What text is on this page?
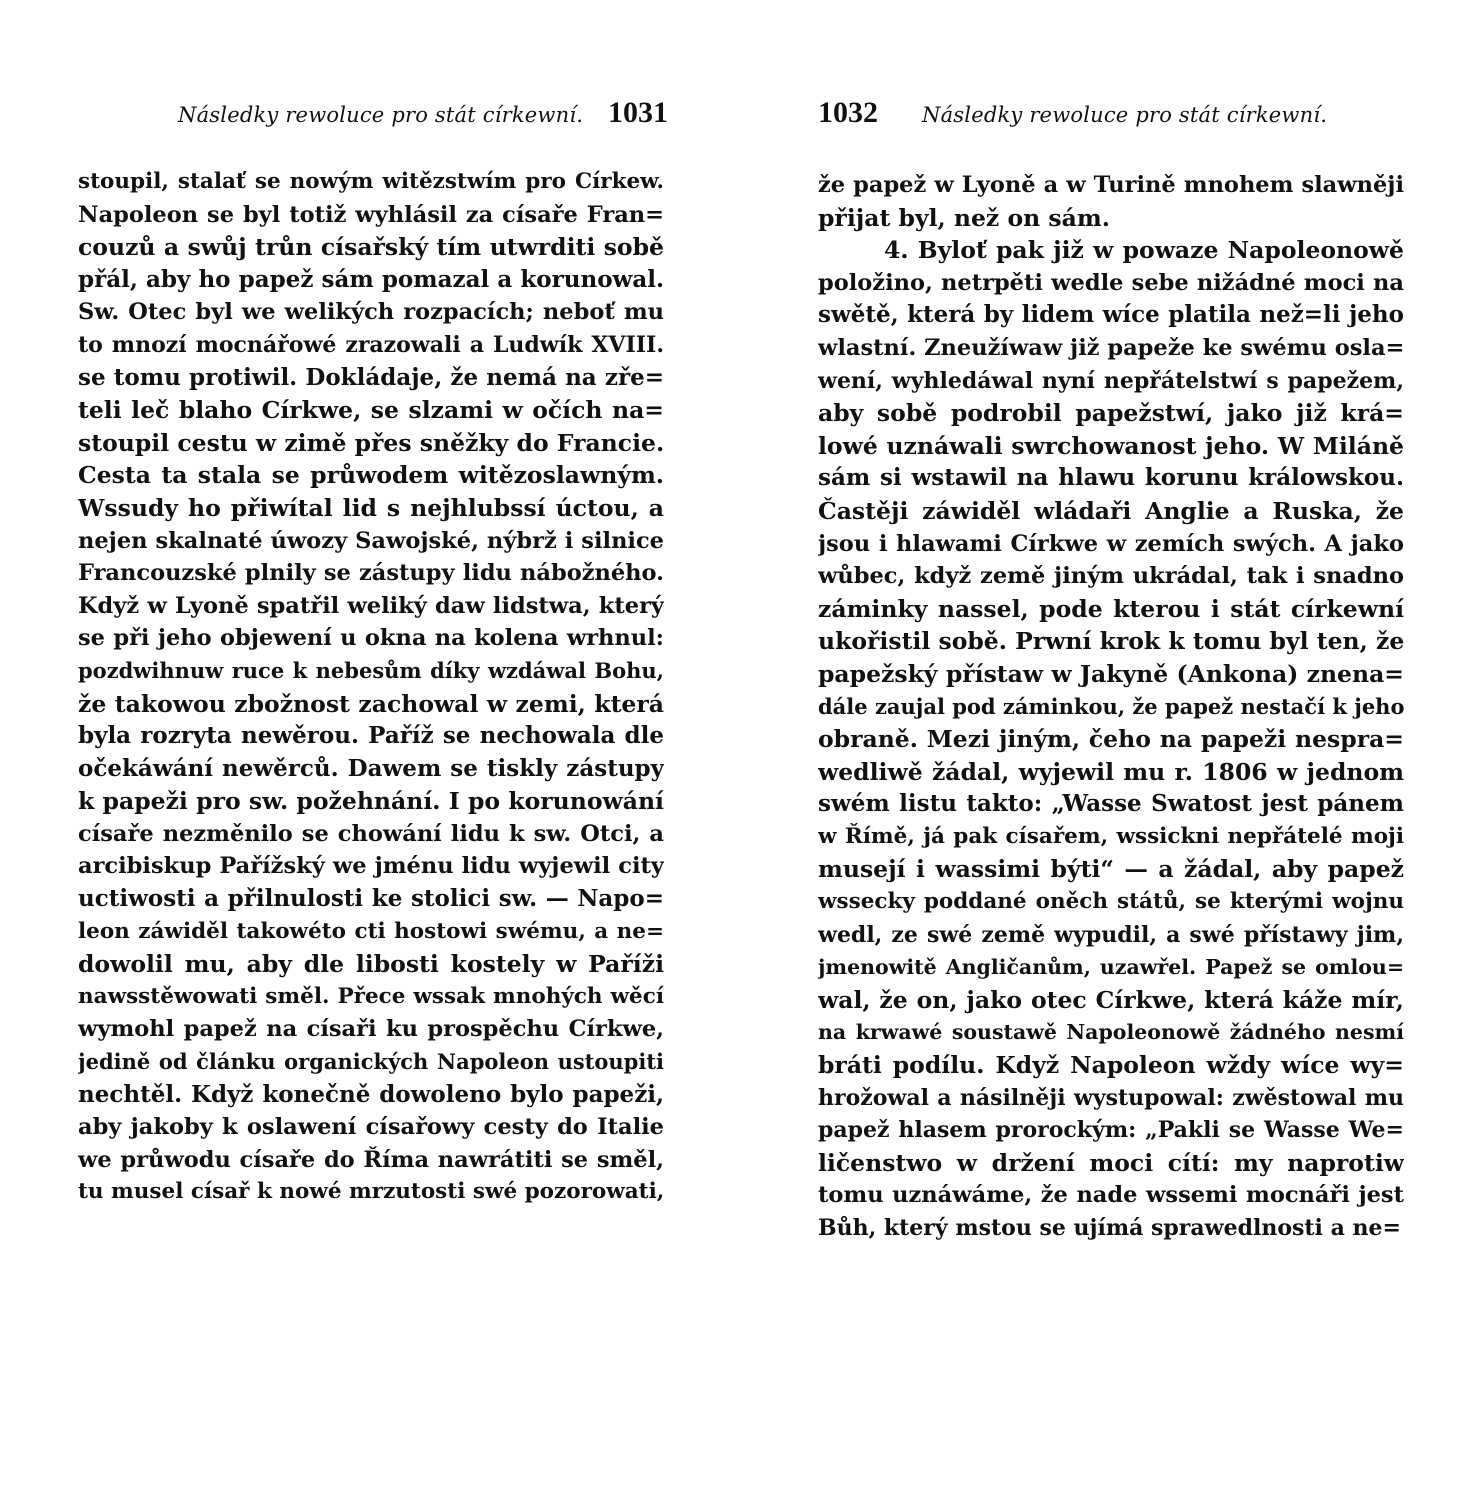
Následky rewoluce pro stát církewní. 1031
stoupil, stalať se nowým witězstwím pro Církew.
Napoleon se byl totiž wyhlásil za císaře Fran=
couzů a swůj trůn císařský tím utwrditi sobě
přál, aby ho papež sám pomazal a korunowal.
Sw. Otec byl we welikých rozpacích; neboť mu
to mnozí mocnářowé zrazowali a Ludwík XVIII.
se tomu protiwil. Dokládaje, že nemá na zře=
teli leč blaho Církwe, se slzami w očích na=
stoupil cestu w zimě přes sněžky do Francie.
Cesta ta stala se průwodem witězoslawným.
Wssudy ho přiwítal lid s nejhlubssí úctou, a
nejen skalnaté úwozy Sawojské, nýbrž i silnice
Francouzské plnily se zástupy lidu nábožného.
Když w Lyoně spatřil weliký daw lidstwa, který
se při jeho objewení u okna na kolena wrhnul:
pozdwihnuw ruce k nebesům díky wzdáwal Bohu,
že takowou zbožnost zachowal w zemi, která
byla rozryta newěrou. Paříž se nechowala dle
očekáwání newěrců. Dawem se tiskly zástupy
k papeži pro sw. požehnání. I po korunowání
císaře nezměnilo se chowání lidu k sw. Otci, a
arcibiskup Pařížský we jménu lidu wyjewil city
uctiwosti a přilnulosti ke stolici sw. — Napo=
leon záwiděl takowéto cti hostowi swému, a ne=
dowolil mu, aby dle libosti kostely w Paříži
nawsstěwowati směl. Přece wssak mnohých wěcí
wymohl papež na císaři ku prospěchu Církwe,
jedině od článku organických Napoleon ustoupiti
nechtěl. Když konečně dowoleno bylo papeži,
aby jakoby k oslawení císařowy cesty do Italie
we průwodu císaře do Říma nawrátiti se směl,
tu musel císař k nowé mrzutosti swé pozorowati,
1032 Následky rewoluce pro stát církewní.
že papež w Lyoně a w Turině mnohem slawněji
přijat byl, než on sám.
4. Byloť pak již w powaze Napoleonowě
položino, netrpěti wedle sebe nižádné moci na
swětě, která by lidem wíce platila než=li jeho
wlastní. Zneužíwaw již papeže ke swému osla=
wení, wyhledáwal nyní nepřátelstwí s papežem,
aby sobě podrobil papežstwí, jako již krá=
lowé uznáwali swrchowanost jeho. W Miláně
sám si wstawil na hlawu korunu králowskou.
Častěji záwiděl wládaři Anglie a Ruska, že
jsou i hlawami Církwe w zemích swých. A jako
wůbec, když země jiným ukrádal, tak i snadno
záminky nassel, pode kterou i stát církewní
ukořistil sobě. Prwní krok k tomu byl ten, že
papežský přístaw w Jakyně (Ankona) znena=
dále zaujal pod záminkou, že papež nestačí k jeho
obraně. Mezi jiným, čeho na papeži nespra=
wedliwě žádal, wyjewil mu r. 1806 w jednom
swém listu takto: „Wasse Swatost jest pánem
w Římě, já pak císařem, wssickni nepřátelé moji
musejí i wassimi býti“ — a žádal, aby papež
wssecky poddané oněch států, se kterými wojnu
wedl, ze swé země wypudil, a swé přístawy jim,
jmenowitě Angličanům, uzawřel. Papež se omlou=
wal, že on, jako otec Církwe, která káže mír,
na krwawé soustawě Napoleonowě žádného nesmí
bráti podílu. Když Napoleon wždy wíce wy=
hrožowal a násilněji wystupowal: zwěstowal mu
papež hlasem prorockým: „Pakli se Wasse We=
ličenstwo w držení moci cítí: my naprotiw
tomu uznáwáme, že nade wssemi mocnáři jest
Bůh, který mstou se ujímá sprawedlnosti a ne=
